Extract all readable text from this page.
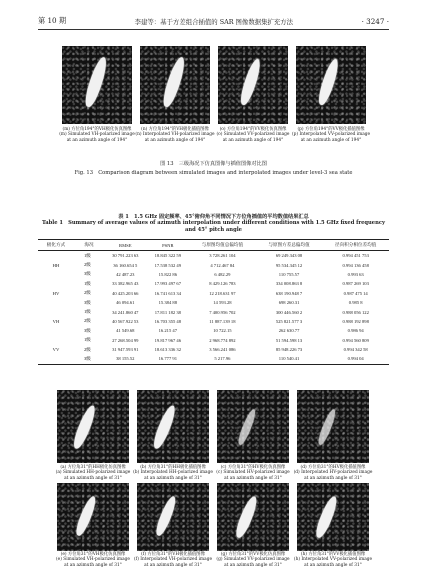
第 10 期	李建等：基于方差组合插值的 SAR 图像数据集扩充方法	· 3247 ·
(m) 方位角194°的VH极化仿真图像
(m) Simulated VH-polarized image
at an azimuth angle of 194°
(n) 方位角194°的VH极化插值图像
(n) Interpolated VH-polarized image
at an azimuth angle of 194°
(o) 方位角194°的VV极化仿真图像
(o) Simulated VV-polarized image
at an azimuth angle of 194°
(p) 方位角194°的VV极化插值图像
(p) Interpolated VV-polarized image
at an azimuth angle of 194°
图 13　三级海况下仿真图像与插值图像对比图
Fig. 13　Comparison diagram between simulated images and interpolated images under level-3 sea state
表 1　1.5 GHz 固定频率、45°俯仰角不同情况下方位角插值的平均数值结果汇总
Table 1　Summary of average values of azimuth interpolation under different conditions with 1.5 GHz fixed frequency and 45° pitch angle
极化方式	海况	RMSE	PSNR	与原图均值总偏均值	与原图方差总偏均值	径向积分相位差均值
HH	1级	30 791.223 63	18.845 322 59	3 728.261 104	69 249.343 08	0.994 451 753
	2级	36 160.654 5	17.538 532 49	4 712.467 84	95 534.345 12	0.994 136 458
	3级	42 487.23	15.822 86	6 482.29	110 755.57	0.993 63
HV	1级	33 382.965 43	17.993 497 67	8 429.126 783	334 008.863 8	0.987 269 103
	2级	40 425.203 66	16.741 613 34	12 218.631 97	638 190.948 7	0.987 475 14
	3级	46 094.61	15.384 88	14 593.28	698 260.31	0.985 8
VH	1级	34 241.860 47	17.811 182 38	7 400.956 702	300 446.560 2	0.988 056 122
	2级	40 567.922 53	16.703 355 48	11 887.139 18	525 821.577 3	0.988 192 898
	3级	41 549.68	16.215 47	10 722.15	262 630.77	0.986 94
VV	1级	27 268.504 99	19.817 967 46	2 968.774 892	51 594.598 13	0.994 560 809
	2级	31 947.593 91	18.613 336 32	3 566.241 086	85 948.226 73	0.994 342 58
	3级	38 155.52	16.777 91	5 217.96	110 540.41	0.994 04
(a) 方位角31°的HH极化仿真图像
(a) Simulated HH-polarized image
at an azimuth angle of 31°
(b) 方位角31°的HH极化插值图像
(b) Interpolated HH-polarized image
at an azimuth angle of 31°
(c) 方位角31°的HV极化仿真图像
(c) Simulated HV-polarized image
at an azimuth angle of 31°
(d) 方位角31°的HV极化插值图像
(d) Interpolated HV-polarized image
at an azimuth angle of 31°
(e) 方位角31°的VH极化仿真图像
(e) Simulated VH-polarized image
at an azimuth angle of 31°
(f) 方位角31°的VH极化插值图像
(f) Interpolated VH-polarized image
at an azimuth angle of 31°
(g) 方位角31°的VV极化仿真图像
(g) Simulated VV-polarized image
at an azimuth angle of 31°
(h) 方位角31°的VV极化插值图像
(h) Interpolated VV-polarized image
at an azimuth angle of 31°
